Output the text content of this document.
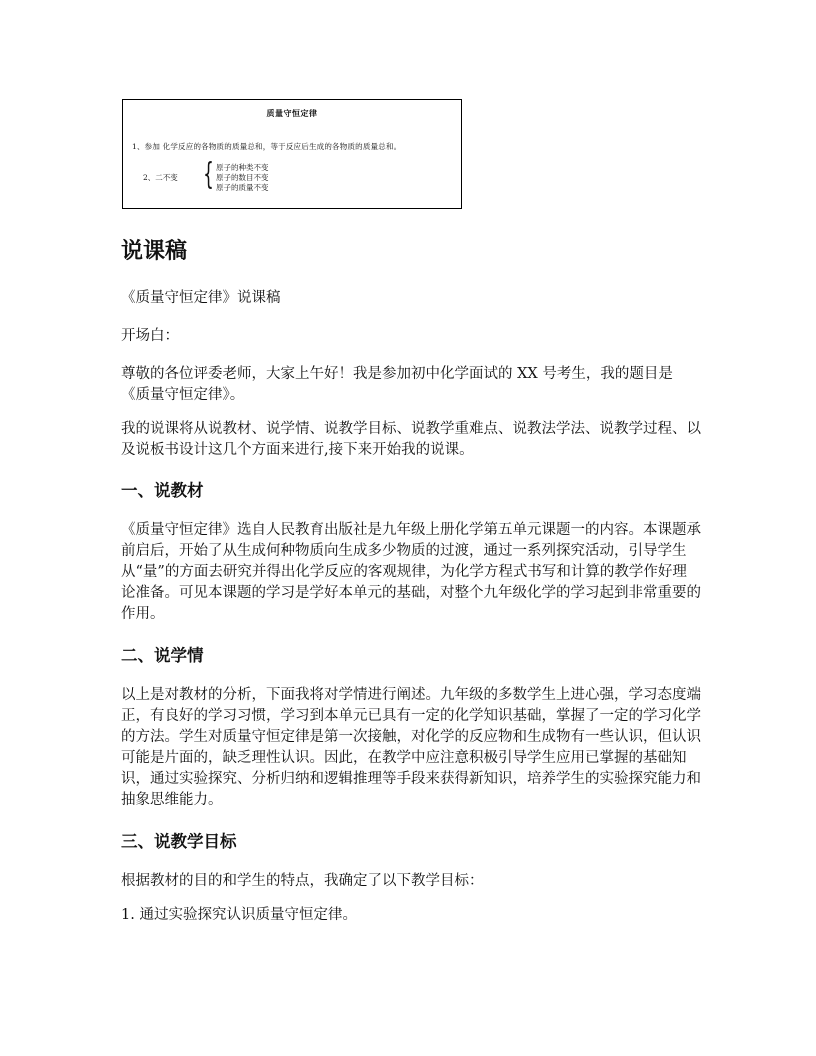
质量守恒定律
1、参加 化学反应的各物质的质量总和，等于反应后生成的各物质的质量总和。
2、二不变 { 原子的种类不变
原子的数目不变
原子的质量不变
说课稿

《质量守恒定律》说课稿

开场白：

尊敬的各位评委老师，大家上午好！我是参加初中化学面试的 XX 号考生，我的题目是《质量守恒定律》。

我的说课将从说教材、说学情、说教学目标、说教学重难点、说教法学法、说教学过程、以及说板书设计这几个方面来进行,接下来开始我的说课。

一、说教材

《质量守恒定律》选自人民教育出版社是九年级上册化学第五单元课题一的内容。本课题承前启后，开始了从生成何种物质向生成多少物质的过渡，通过一系列探究活动，引导学生从“量”的方面去研究并得出化学反应的客观规律，为化学方程式书写和计算的教学作好理论准备。可见本课题的学习是学好本单元的基础，对整个九年级化学的学习起到非常重要的作用。

二、说学情

以上是对教材的分析，下面我将对学情进行阐述。九年级的多数学生上进心强，学习态度端正，有良好的学习习惯，学习到本单元已具有一定的化学知识基础，掌握了一定的学习化学的方法。学生对质量守恒定律是第一次接触，对化学的反应物和生成物有一些认识，但认识可能是片面的，缺乏理性认识。因此，在教学中应注意积极引导学生应用已掌握的基础知识，通过实验探究、分析归纳和逻辑推理等手段来获得新知识，培养学生的实验探究能力和抽象思维能力。

三、说教学目标

根据教材的目的和学生的特点，我确定了以下教学目标：

1. 通过实验探究认识质量守恒定律。
